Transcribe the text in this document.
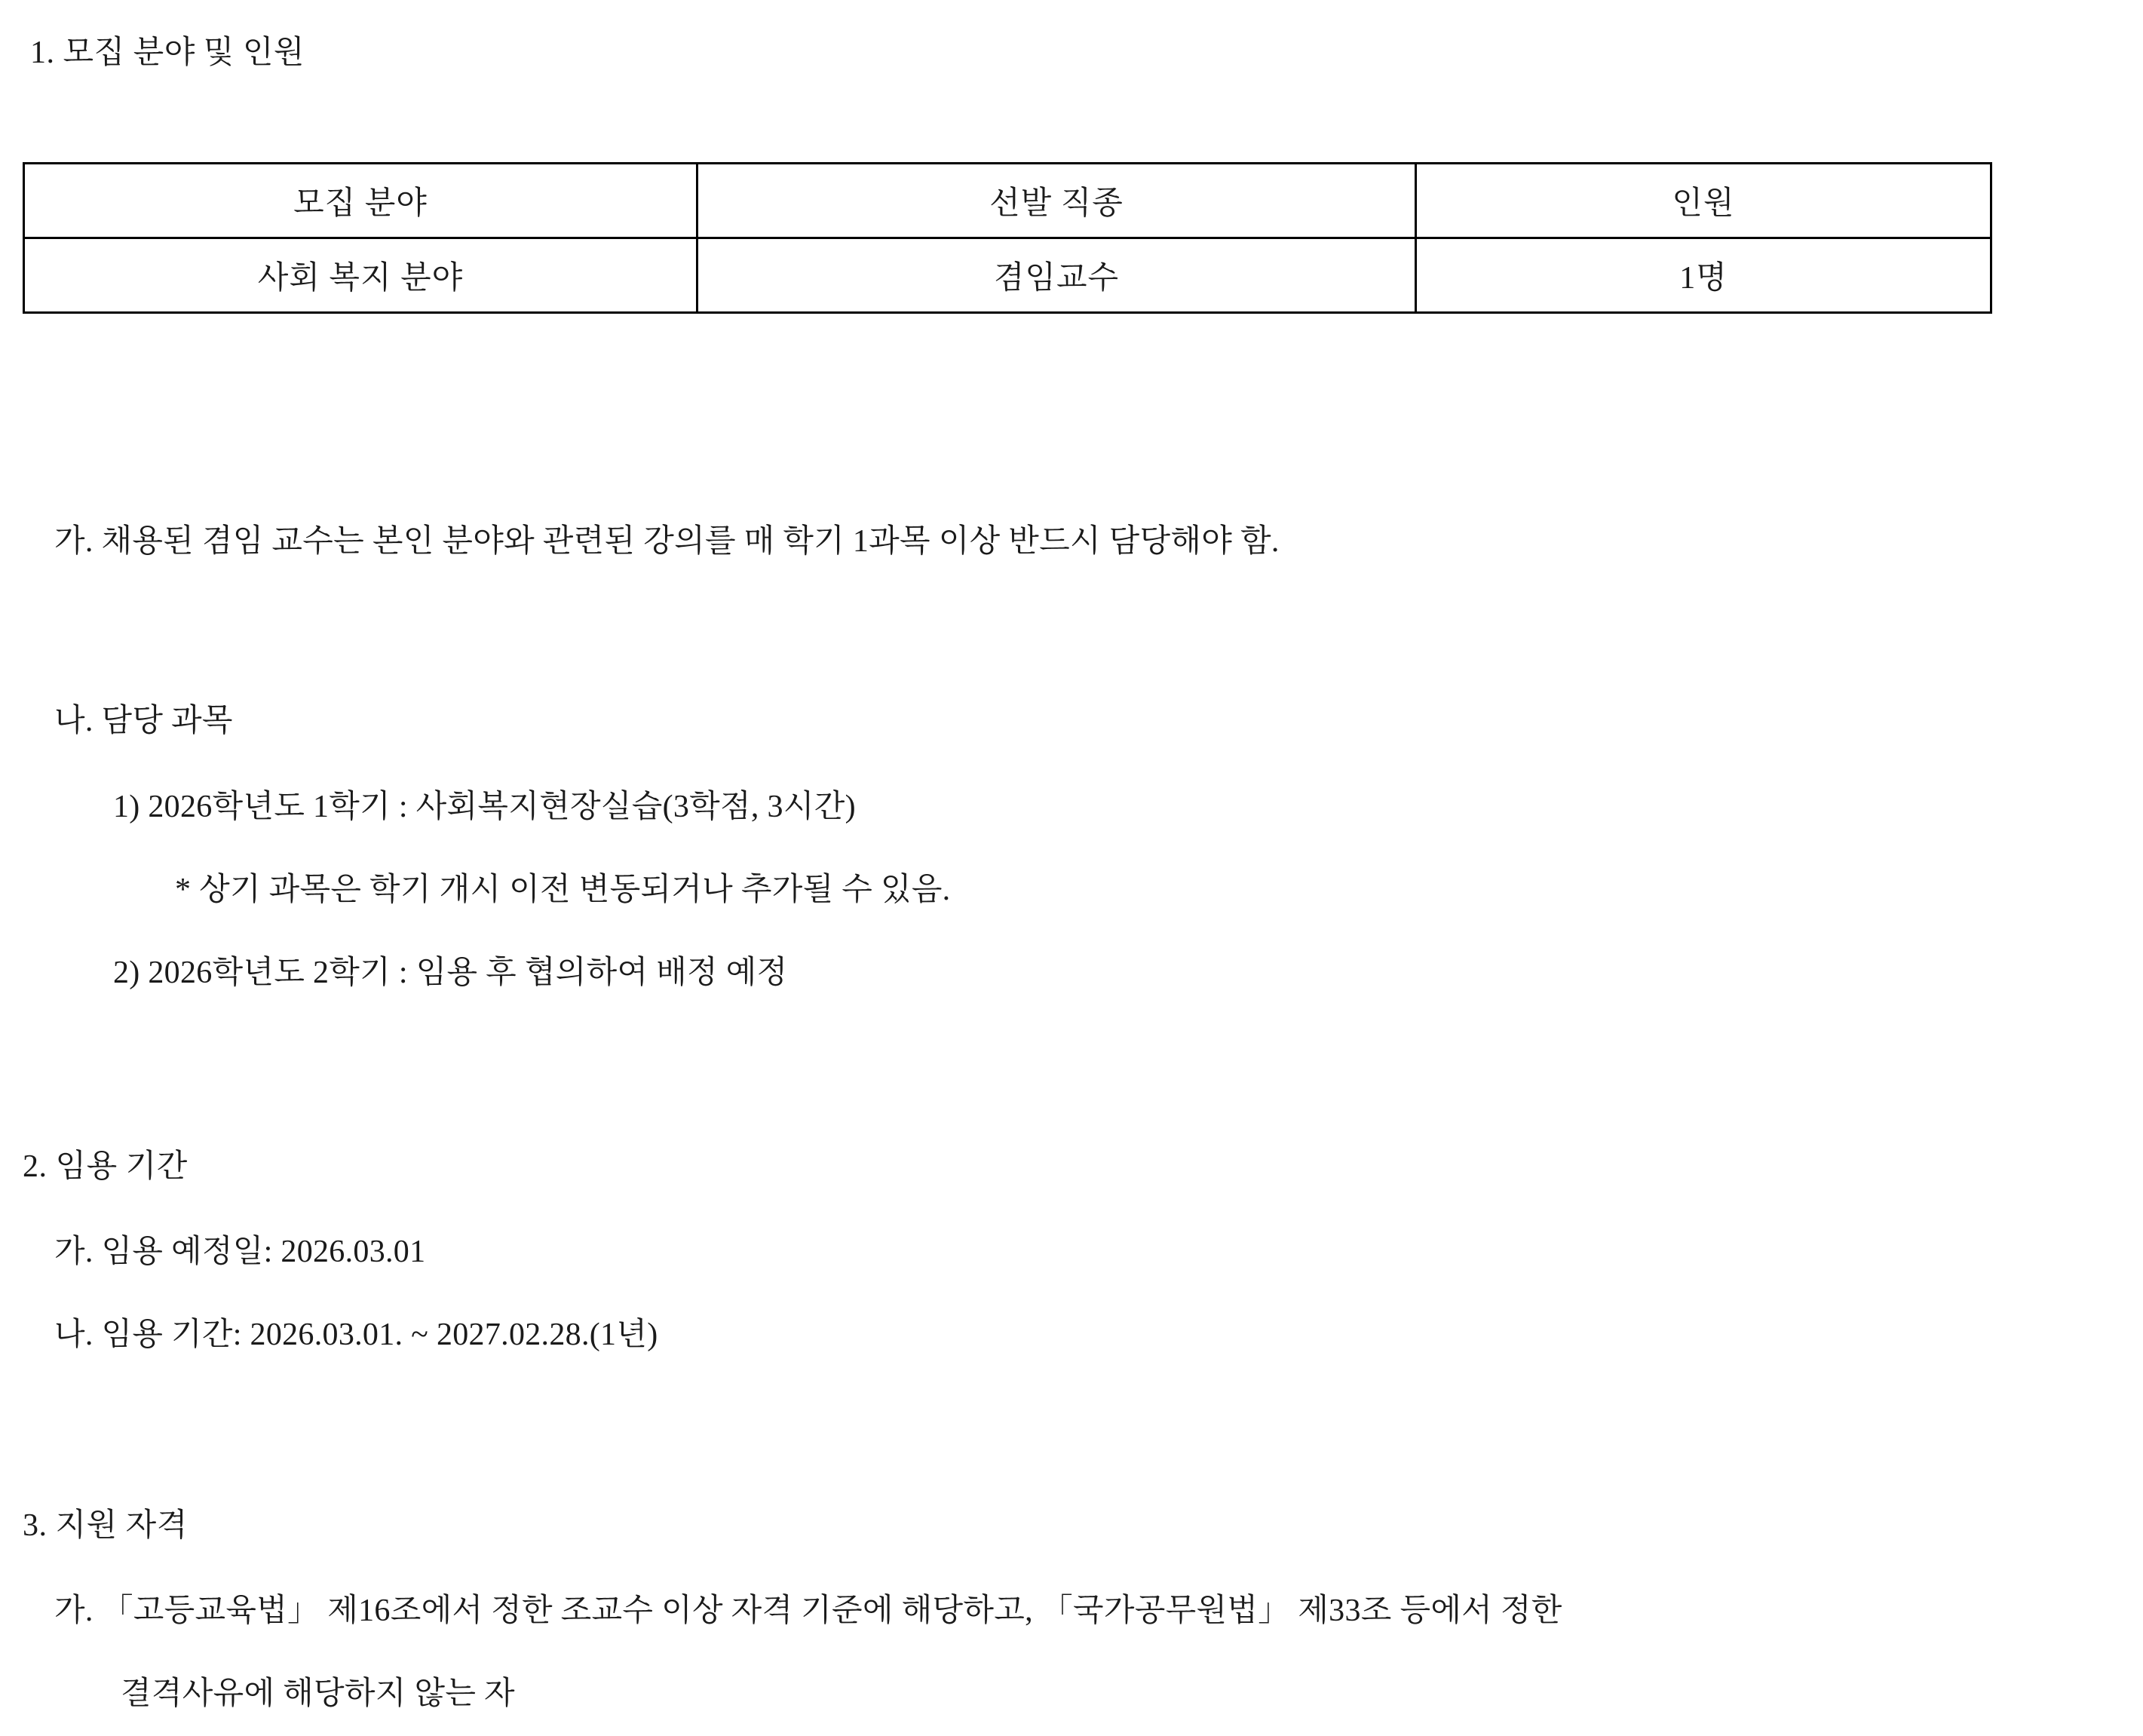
1. 모집 분야 및 인원
모집 분야	선발 직종	인원
사회 복지 분야	겸임교수	1명
가. 채용된 겸임 교수는 본인 분야와 관련된 강의를 매 학기 1과목 이상 반드시 담당해야 함.
나. 담당 과목
1) 2026학년도 1학기 : 사회복지현장실습(3학점, 3시간)
* 상기 과목은 학기 개시 이전 변동되거나 추가될 수 있음.
2) 2026학년도 2학기 : 임용 후 협의하여 배정 예정
2. 임용 기간
가. 임용 예정일: 2026.03.01
나. 임용 기간: 2026.03.01. ~ 2027.02.28.(1년)
3. 지원 자격
가. 「고등교육법」 제16조에서 정한 조교수 이상 자격 기준에 해당하고, 「국가공무원법」 제33조 등에서 정한
결격사유에 해당하지 않는 자
